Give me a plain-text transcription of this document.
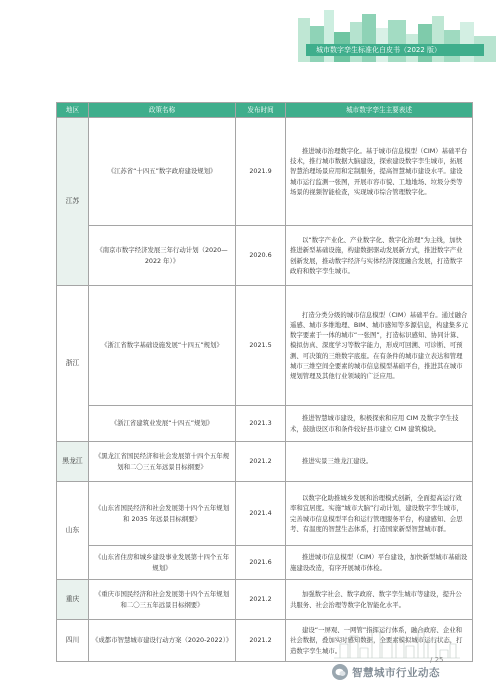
城市数字孪生标准化白皮书（2022 版）
地区	政策名称	发布时间	城市数字孪生主要表述
江苏	《江苏省“十四五”数字政府建设规划》	2021.9	推进城市治理数字化。基于城市信息模型（CIM）基础平台技术，推行城市数据大脑建设，探索建设数字孪生城市，拓展智慧治理场景应用和定制服务，提高智慧城市建设水平。建设城市运行监测一张图，开展市容市貌、工地地场、垃圾分类等场景的视频智能检查，实现城市综合管理数字化。

	《南京市数字经济发展三年行动计划（2020—2022 年）》	2020.6	以“数字产业化、产业数字化、数字化治理”为主线，加快推进新型基础设施，构建数据驱动发展新方式，推进数字产业创新发展，推动数字经济与实体经济深度融合发展，打造数字政府和数字孪生城市。

浙江	《浙江省数字基础设施发展“十四五”规划》	2021.5	打造分类分级的城市信息模型（CIM）基础平台。通过融合遥感、城市多维地理、BIM、城市感知等多源信息，构建集多元数字要素于一体的城市“一张图”，打造标识感知、协同计算、模拟仿真、深度学习等数字能力，形成可回溯、可诊断、可预测、可决策的三维数字底座。在有条件的城市建立表达和管理城市三维空间全要素的城市信息模型基础平台，推进其在城市规划管理及其他行业领域的广泛应用。

	《浙江省建筑业发展“十四五”规划》	2021.3	推进智慧城市建设，积极探索和应用 CIM 及数字孪生技术，鼓励设区市和条件较好县市建立 CIM 建筑模块。

黑龙江	《黑龙江省国民经济和社会发展第十四个五年规划和二〇三五年远景目标纲要》	2021.2	推进实景三维龙江建设。

山东	《山东省国民经济和社会发展第十四个五年规划和 2035 年远景目标纲要》	2021.4	以数字化助推城乡发展和治理模式创新，全面提高运行效率和宜居度。实施“城市大脑”行动计划，建设数字孪生城市，完善城市信息模型平台和运行管理服务平台，构建感知、会思考、有温度的智慧生态体系，打造国家新型智慧城市群。

	《山东省住房和城乡建设事业发展第十四个五年规划》	2021.6	推进城市信息模型（CIM）平台建设，加快新型城市基础设施建设改造，有序开展城市体检。

重庆	《重庆市国民经济和社会发展第十四个五年规划和二〇三五年远景目标纲要》	2021.2	加强数字社会、数字政府、数字孪生城市等建设，提升公共服务、社会治理等数字化智能化水平。

四川	《成都市智慧城市建设行动方案（2020-2022）》	2021.2	建设“一屏观、一网管”指挥运行体系，融合政府、企业和社会数据，叠加实时感知数据，全要素模拟城市运行状态，打造数字孪生城市。
/ 25
智慧城市行业动态
